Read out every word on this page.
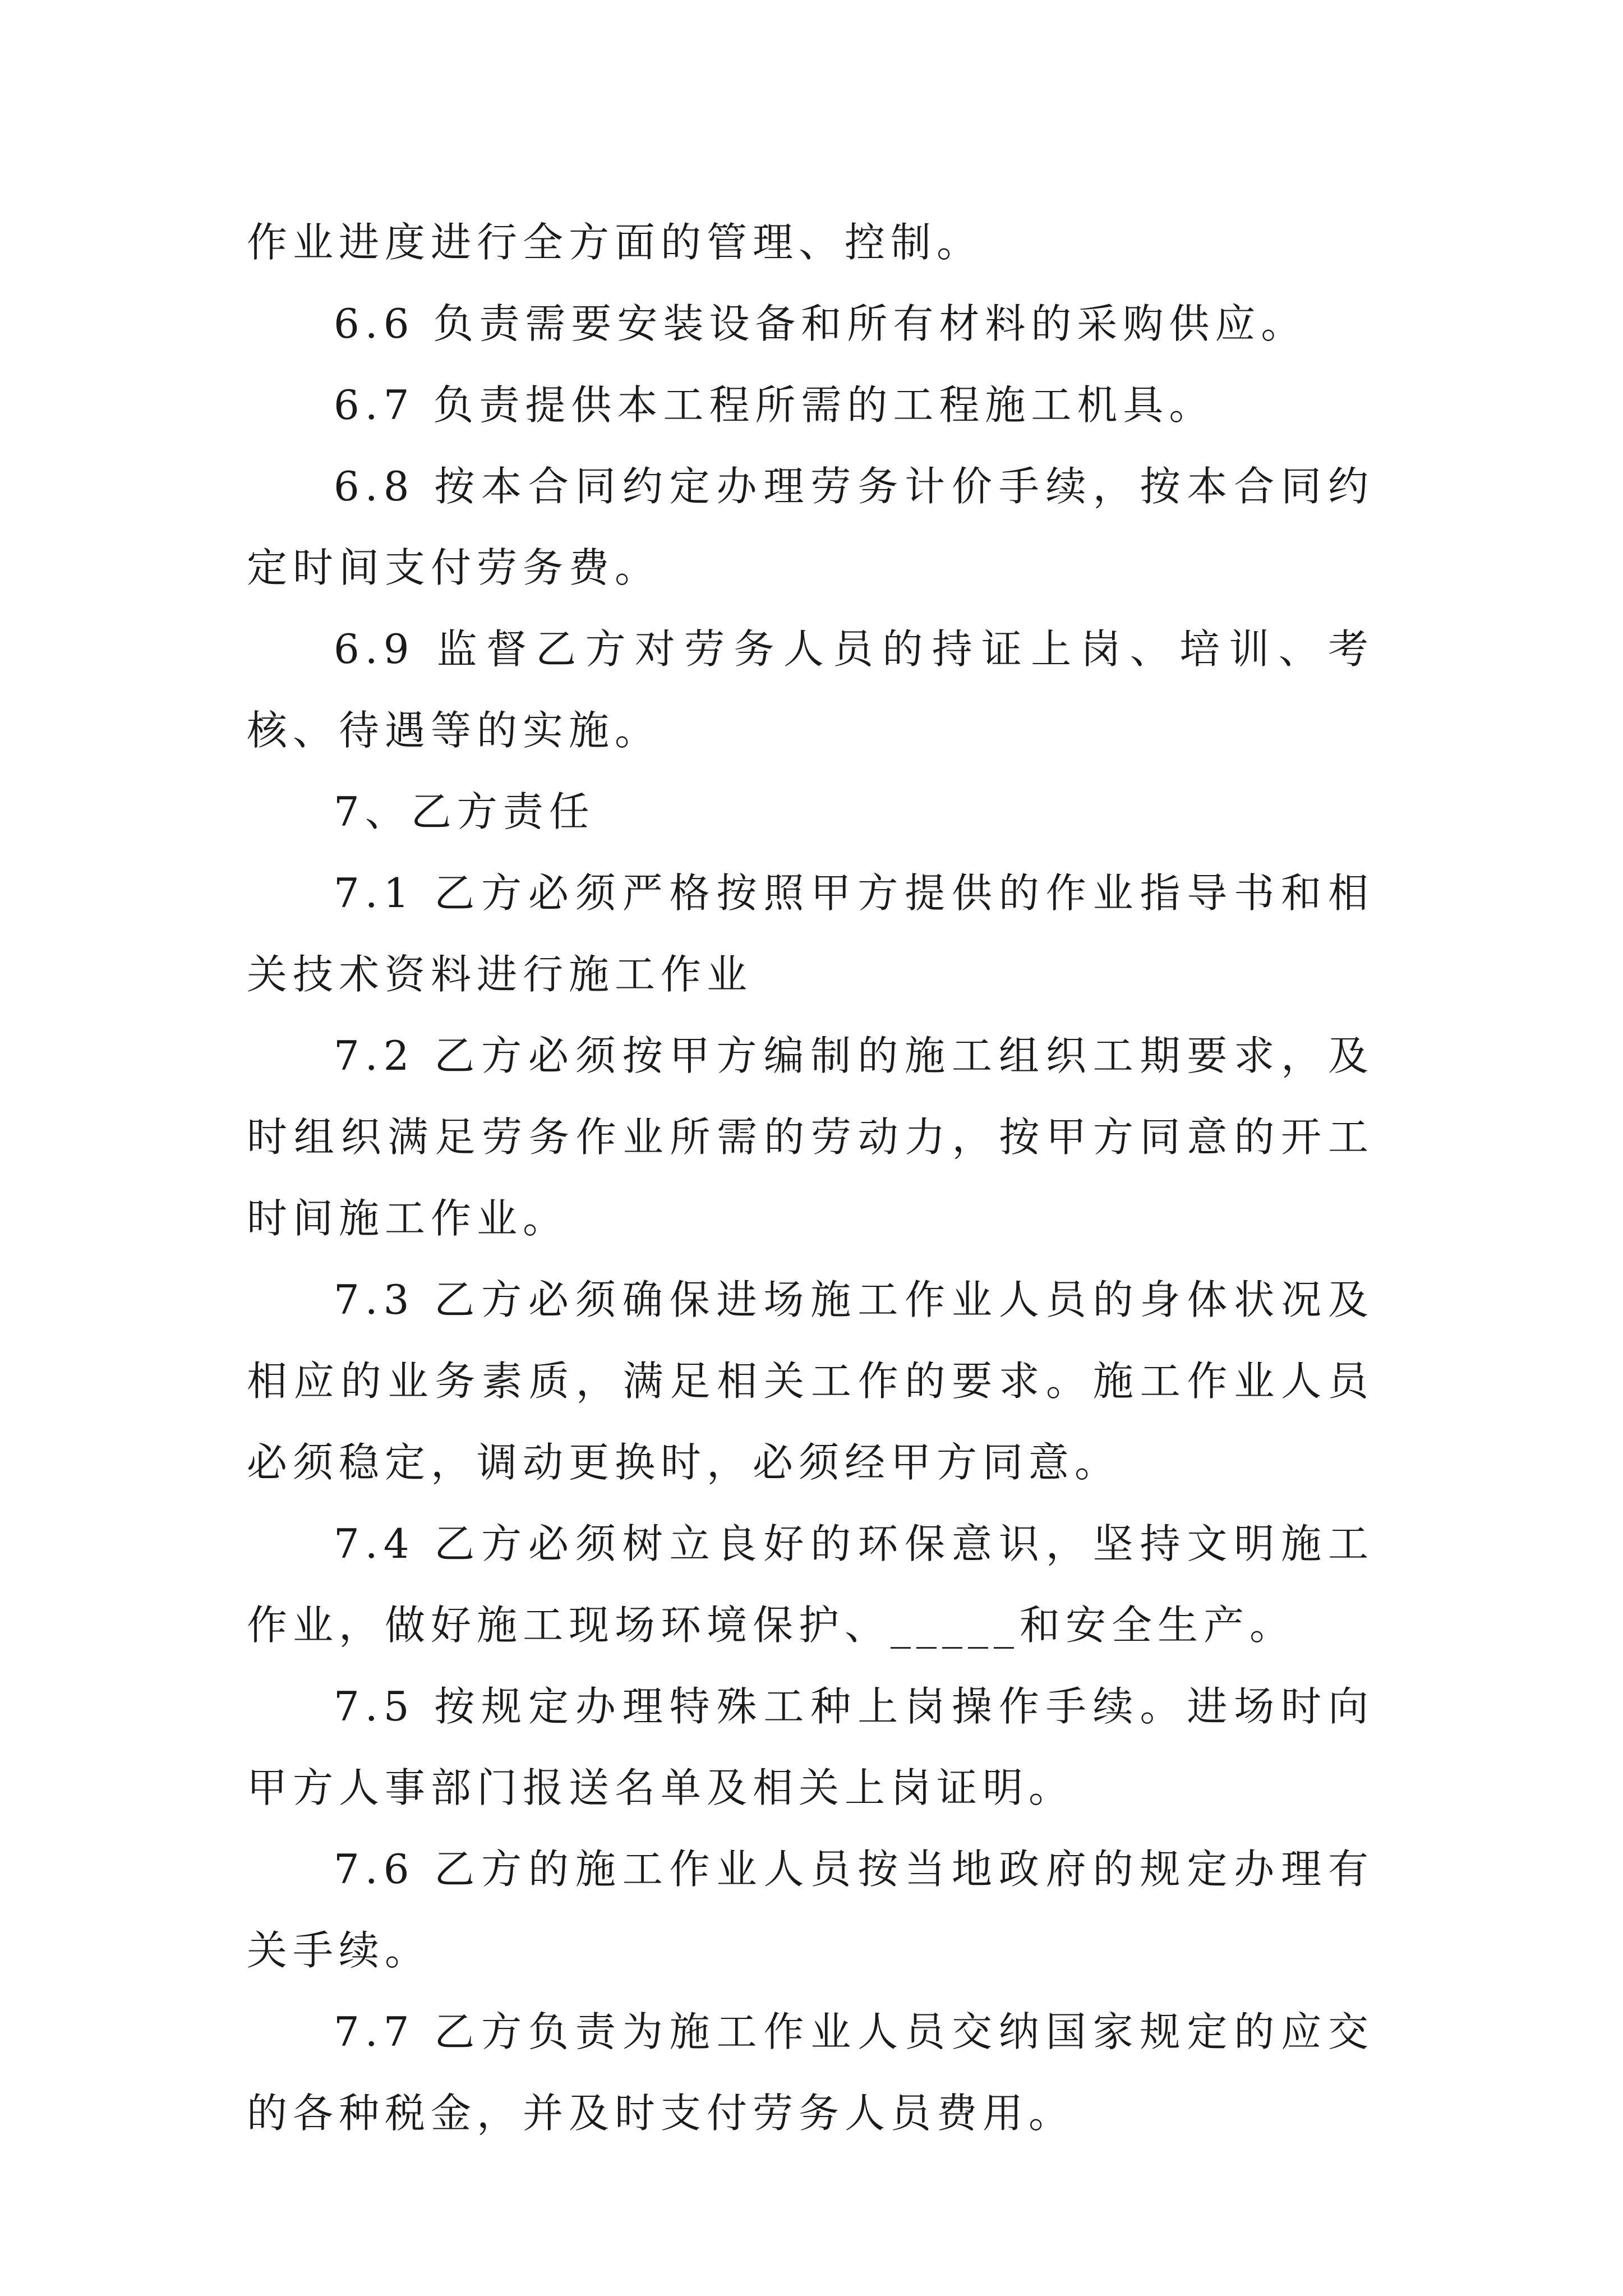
作业进度进行全方面的管理、控制。

6.6 负责需要安装设备和所有材料的采购供应。

6.7 负责提供本工程所需的工程施工机具。

6.8 按本合同约定办理劳务计价手续，按本合同约定时间支付劳务费。

6.9 监督乙方对劳务人员的持证上岗、培训、考核、待遇等的实施。

7、乙方责任

7.1 乙方必须严格按照甲方提供的作业指导书和相关技术资料进行施工作业

7.2 乙方必须按甲方编制的施工组织工期要求，及时组织满足劳务作业所需的劳动力，按甲方同意的开工时间施工作业。

7.3 乙方必须确保进场施工作业人员的身体状况及相应的业务素质，满足相关工作的要求。施工作业人员必须稳定，调动更换时，必须经甲方同意。

7.4 乙方必须树立良好的环保意识，坚持文明施工作业，做好施工现场环境保护、_____和安全生产。

7.5 按规定办理特殊工种上岗操作手续。进场时向甲方人事部门报送名单及相关上岗证明。

7.6 乙方的施工作业人员按当地政府的规定办理有关手续。

7.7 乙方负责为施工作业人员交纳国家规定的应交的各种税金，并及时支付劳务人员费用。
